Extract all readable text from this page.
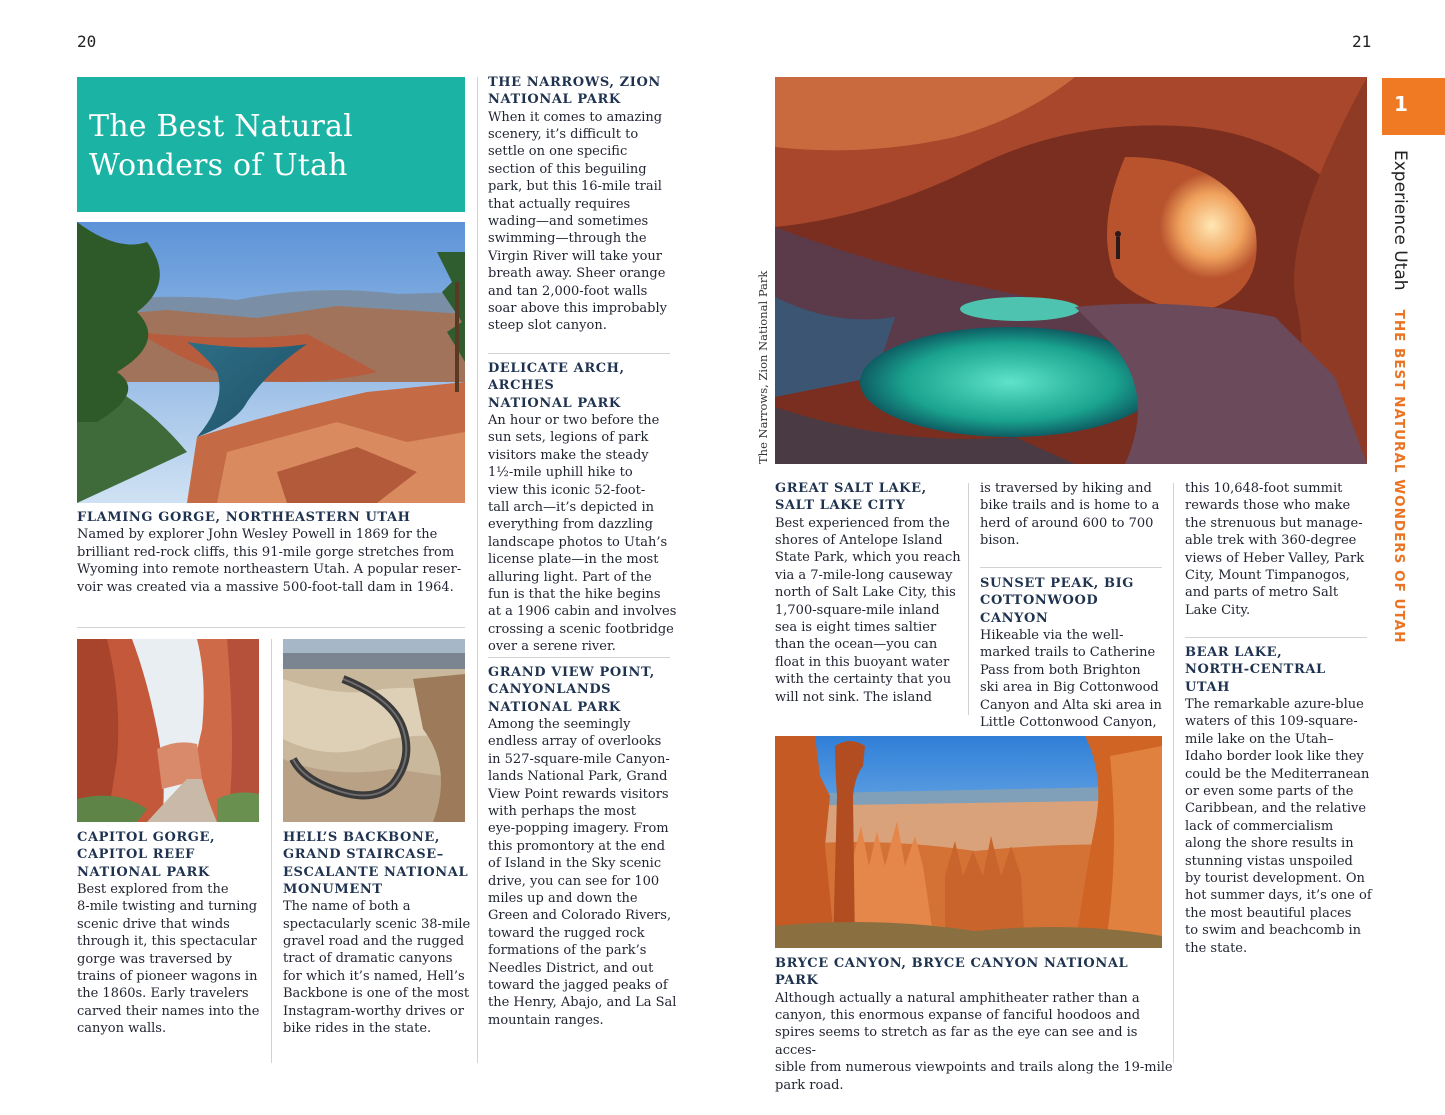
20	21
The Best Natural
Wonders of Utah

FLAMING GORGE, NORTHEASTERN UTAH

Named by explorer John Wesley Powell in 1869 for the
brilliant red-rock cliffs, this 91-mile gorge stretches from
Wyoming into remote northeastern Utah. A popular reser-
voir was created via a massive 500-foot-tall dam in 1964.

CAPITOL GORGE,
CAPITOL REEF
NATIONAL PARK

Best explored from the
8-mile twisting and turning
scenic drive that winds
through it, this spectacular
gorge was traversed by
trains of pioneer wagons in
the 1860s. Early travelers
carved their names into the
canyon walls.

HELL’S BACKBONE,
GRAND STAIRCASE–
ESCALANTE NATIONAL
MONUMENT

The name of both a
spectacularly scenic 38-mile
gravel road and the rugged
tract of dramatic canyons
for which it’s named, Hell’s
Backbone is one of the most
Instagram-worthy drives or
bike rides in the state.

THE NARROWS, ZION
NATIONAL PARK

When it comes to amazing
scenery, it’s difficult to
settle on one specific
section of this beguiling
park, but this 16-mile trail
that actually requires
wading—and sometimes
swimming—through the
Virgin River will take your
breath away. Sheer orange
and tan 2,000-foot walls
soar above this improbably
steep slot canyon.

DELICATE ARCH, ARCHES
NATIONAL PARK

An hour or two before the
sun sets, legions of park
visitors make the steady
1½-mile uphill hike to
view this iconic 52-foot-
tall arch—it’s depicted in
everything from dazzling
landscape photos to Utah’s
license plate—in the most
alluring light. Part of the
fun is that the hike begins
at a 1906 cabin and involves
crossing a scenic footbridge
over a serene river.

GRAND VIEW POINT,
CANYONLANDS
NATIONAL PARK

Among the seemingly
endless array of overlooks
in 527-square-mile Canyon-
lands National Park, Grand
View Point rewards visitors
with perhaps the most
eye-popping imagery. From
this promontory at the end
of Island in the Sky scenic
drive, you can see for 100
miles up and down the
Green and Colorado Rivers,
toward the rugged rock
formations of the park’s
Needles District, and out
toward the jagged peaks of
the Henry, Abajo, and La Sal
mountain ranges.

The Narrows, Zion National Park

GREAT SALT LAKE,
SALT LAKE CITY

Best experienced from the
shores of Antelope Island
State Park, which you reach
via a 7-mile-long causeway
north of Salt Lake City, this
1,700-square-mile inland
sea is eight times saltier
than the ocean—you can
float in this buoyant water
with the certainty that you
will not sink. The island

is traversed by hiking and
bike trails and is home to a
herd of around 600 to 700
bison.

SUNSET PEAK, BIG
COTTONWOOD CANYON

Hikeable via the well-
marked trails to Catherine
Pass from both Brighton
ski area in Big Cottonwood
Canyon and Alta ski area in
Little Cottonwood Canyon,

this 10,648-foot summit
rewards those who make
the strenuous but manage-
able trek with 360-degree
views of Heber Valley, Park
City, Mount Timpanogos,
and parts of metro Salt
Lake City.

BEAR LAKE,
NORTH-CENTRAL UTAH

The remarkable azure-blue
waters of this 109-square-
mile lake on the Utah–
Idaho border look like they
could be the Mediterranean
or even some parts of the
Caribbean, and the relative
lack of commercialism
along the shore results in
stunning vistas unspoiled
by tourist development. On
hot summer days, it’s one of
the most beautiful places
to swim and beachcomb in
the state.

BRYCE CANYON, BRYCE CANYON NATIONAL PARK

Although actually a natural amphitheater rather than a
canyon, this enormous expanse of fanciful hoodoos and
spires seems to stretch as far as the eye can see and is acces-
sible from numerous viewpoints and trails along the 19-mile
park road.

1
Experience Utah THE BEST NATURAL WONDERS OF UTAH
